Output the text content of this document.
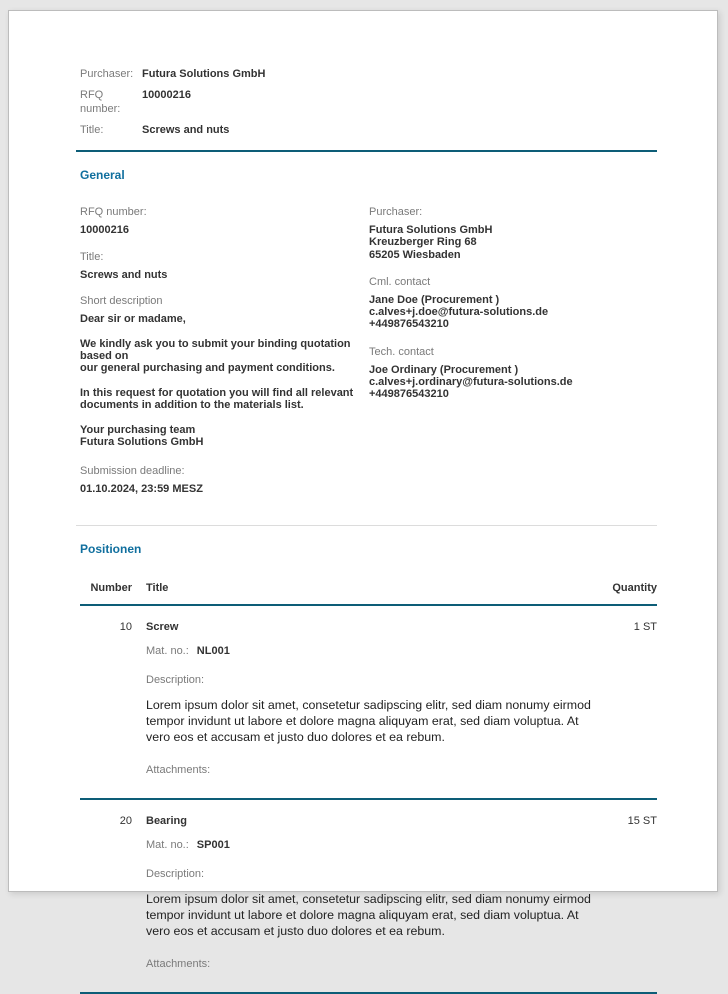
Purchaser: Futura Solutions GmbH
RFQ number:
10000216
Title:	Screws and nuts
General
RFQ number:
10000216
Title:
Screws and nuts
Short description
Dear sir or madame,

We kindly ask you to submit your binding quotation based on
our general purchasing and payment conditions.

In this request for quotation you will find all relevant
documents in addition to the materials list.

Your purchasing team
Futura Solutions GmbH
Submission deadline:
01.10.2024, 23:59 MESZ
Purchaser:
Futura Solutions GmbH
Kreuzberger Ring 68
65205 Wiesbaden
Cml. contact
Jane Doe (Procurement )
c.alves+j.doe@futura-solutions.de
+449876543210
Tech. contact
Joe Ordinary (Procurement )
c.alves+j.ordinary@futura-solutions.de
+449876543210
Positionen
Number	Title	Quantity
10	Screw	1 ST
Mat. no.: NL001
Description:
Lorem ipsum dolor sit amet, consetetur sadipscing elitr, sed diam nonumy eirmod
tempor invidunt ut labore et dolore magna aliquyam erat, sed diam voluptua. At
vero eos et accusam et justo duo dolores et ea rebum.
Attachments:
20	Bearing	15 ST
Mat. no.: SP001
Description:
Lorem ipsum dolor sit amet, consetetur sadipscing elitr, sed diam nonumy eirmod
tempor invidunt ut labore et dolore magna aliquyam erat, sed diam voluptua. At
vero eos et accusam et justo duo dolores et ea rebum.
Attachments:
